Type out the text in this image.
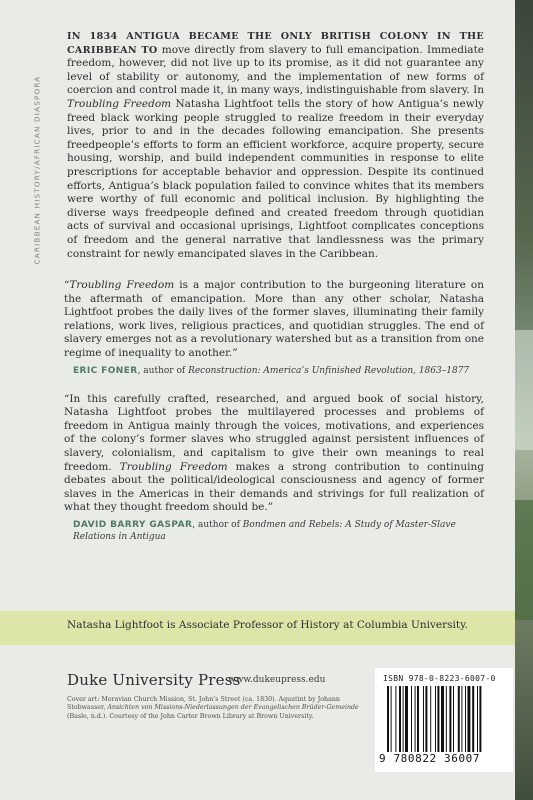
CARIBBEAN HISTORY/AFRICAN DIASPORA

IN 1834 ANTIGUA BECAME THE ONLY BRITISH COLONY IN THE CARIBBEAN TO move directly from slavery to full emancipation. Immediate freedom, however, did not live up to its promise, as it did not guarantee any level of stability or autonomy, and the implementation of new forms of coercion and control made it, in many ways, indistinguishable from slavery. In Troubling Freedom Natasha Lightfoot tells the story of how Antigua’s newly freed black working people struggled to realize freedom in their everyday lives, prior to and in the decades following emancipation. She presents freedpeople’s efforts to form an efficient workforce, acquire property, secure housing, worship, and build independent communities in response to elite prescriptions for acceptable behavior and oppression. Despite its continued efforts, Antigua’s black population failed to convince whites that its members were worthy of full economic and political inclusion. By highlighting the diverse ways freedpeople defined and created freedom through quotidian acts of survival and occasional uprisings, Lightfoot complicates conceptions of freedom and the general narrative that landlessness was the primary constraint for newly emancipated slaves in the Caribbean.

“Troubling Freedom is a major contribution to the burgeoning literature on the aftermath of emancipation. More than any other scholar, Natasha Lightfoot probes the daily lives of the former slaves, illuminating their family relations, work lives, religious practices, and quotidian struggles. The end of slavery emerges not as a revolutionary watershed but as a transition from one regime of inequality to another.”

ERIC FONER, author of Reconstruction: America’s Unfinished Revolution, 1863–1877

“In this carefully crafted, researched, and argued book of social history, Natasha Lightfoot probes the multilayered processes and problems of freedom in Antigua mainly through the voices, motivations, and experiences of the colony’s former slaves who struggled against persistent influences of slavery, colonialism, and capitalism to give their own meanings to real freedom. Troubling Freedom makes a strong contribution to continuing debates about the political/ideological consciousness and agency of former slaves in the Americas in their demands and strivings for full realization of what they thought freedom should be.”

DAVID BARRY GASPAR, author of Bondmen and Rebels: A Study of Master-Slave Relations in Antigua
Natasha Lightfoot is Associate Professor of History at Columbia University.
Duke University Press
www.dukeupress.edu
Cover art: Moravian Church Mission, St. John’s Street (ca. 1830). Aquatint by Johann Stobwasser, Ansichten von Missions-Niederlassungen der Evangelischen Brüder-Gemeinde (Basle, n.d.). Courtesy of the John Carter Brown Library at Brown University.
ISBN 978-0-8223-6007-0
9 780822 36007
